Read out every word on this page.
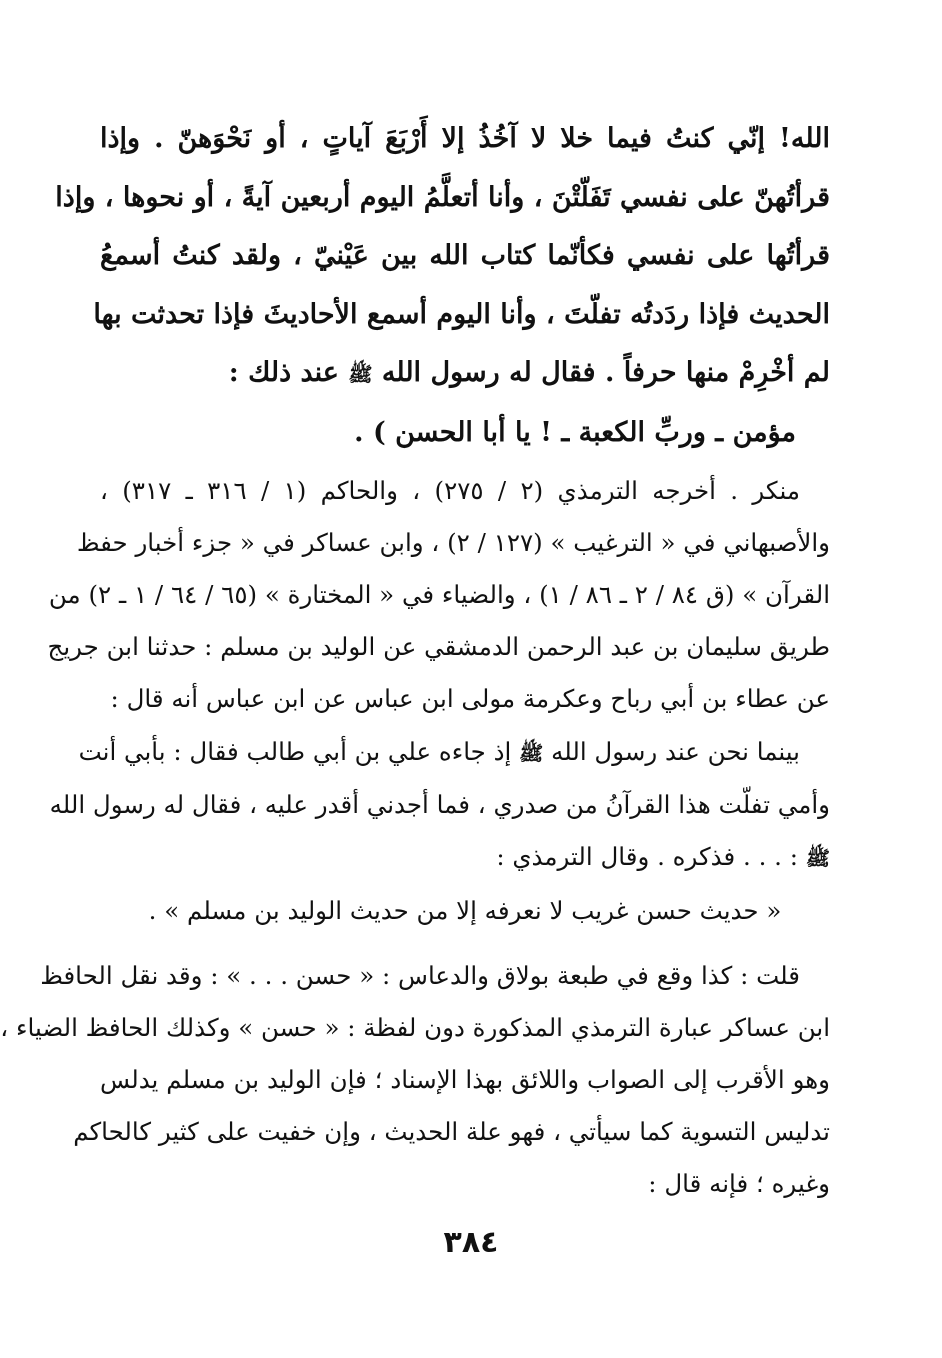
الله! إنّي كنتُ فيما خلا لا آخُذُ إلا أَرْبَعَ آياتٍ ، أو نَحْوَهنّ . وإذا
قرأتُهنّ على نفسي تَفَلّتْنَ ، وأنا أتعلَّمُ اليوم أربعين آيةً ، أو نحوها ، وإذا
قرأتُها على نفسي فكأنّما كتاب الله بين عَيْنيّ ، ولقد كنتُ أسمعُ
الحديث فإذا ردَدتُه تفلّتَ ، وأنا اليوم أسمع الأحاديثَ فإذا تحدثت بها
لم أخْرِمْ منها حرفاً . فقال له رسول الله ﷺ عند ذلك :
مؤمن ـ وربِّ الكعبة ـ ! يا أبا الحسن ) .
منكر . أخرجه الترمذي (٢ / ٢٧٥) ، والحاكم (١ / ٣١٦ ـ ٣١٧) ،
والأصبهاني في « الترغيب » (١٢٧ / ٢) ، وابن عساكر في « جزء أخبار حفظ
القرآن » (ق ٨٤ / ٢ ـ ٨٦ / ١) ، والضياء في « المختارة » (٦٥ / ٦٤ / ١ ـ ٢) من
طريق سليمان بن عبد الرحمن الدمشقي عن الوليد بن مسلم : حدثنا ابن جريج
عن عطاء بن أبي رباح وعكرمة مولى ابن عباس عن ابن عباس أنه قال :
بينما نحن عند رسول الله ﷺ إذ جاءه علي بن أبي طالب فقال : بأبي أنت
وأمي تفلّت هذا القرآنُ من صدري ، فما أجدني أقدر عليه ، فقال له رسول الله
ﷺ : . . . فذكره . وقال الترمذي :
« حديث حسن غريب لا نعرفه إلا من حديث الوليد بن مسلم » .
قلت : كذا وقع في طبعة بولاق والدعاس : « حسن . . . » : وقد نقل الحافظ
ابن عساكر عبارة الترمذي المذكورة دون لفظة : « حسن » وكذلك الحافظ الضياء ،
وهو الأقرب إلى الصواب واللائق بهذا الإسناد ؛ فإن الوليد بن مسلم يدلس
تدليس التسوية كما سيأتي ، فهو علة الحديث ، وإن خفيت على كثير كالحاكم
وغيره ؛ فإنه قال :
٣٨٤
